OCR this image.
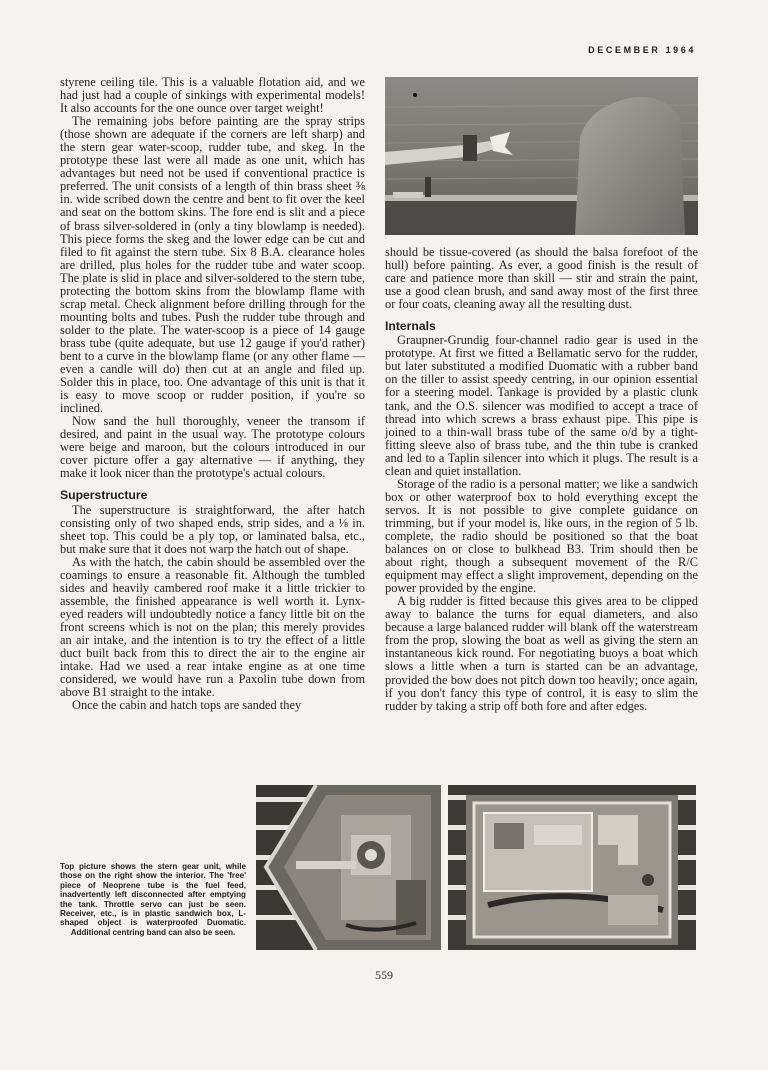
DECEMBER 1964

styrene ceiling tile. This is a valuable flotation aid, and we had just had a couple of sinkings with experimental models! It also accounts for the one ounce over target weight!

The remaining jobs before painting are the spray strips (those shown are adequate if the corners are left sharp) and the stern gear water-scoop, rudder tube, and skeg. In the prototype these last were all made as one unit, which has advantages but need not be used if conventional practice is preferred. The unit consists of a length of thin brass sheet ⅜ in. wide scribed down the centre and bent to fit over the keel and seat on the bottom skins. The fore end is slit and a piece of brass silver-soldered in (only a tiny blowlamp is needed). This piece forms the skeg and the lower edge can be cut and filed to fit against the stern tube. Six 8 B.A. clearance holes are drilled, plus holes for the rudder tube and water scoop. The plate is slid in place and silver-soldered to the stern tube, protecting the bottom skins from the blowlamp flame with scrap metal. Check alignment before drilling through for the mounting bolts and tubes. Push the rudder tube through and solder to the plate. The water-scoop is a piece of 14 gauge brass tube (quite adequate, but use 12 gauge if you'd rather) bent to a curve in the blowlamp flame (or any other flame — even a candle will do) then cut at an angle and filed up. Solder this in place, too. One advantage of this unit is that it is easy to move scoop or rudder position, if you're so inclined.

Now sand the hull thoroughly, veneer the transom if desired, and paint in the usual way. The prototype colours were beige and maroon, but the colours introduced in our cover picture offer a gay alternative — if anything, they make it look nicer than the prototype's actual colours.

Superstructure

The superstructure is straightforward, the after hatch consisting only of two shaped ends, strip sides, and a ⅛ in. sheet top. This could be a ply top, or laminated balsa, etc., but make sure that it does not warp the hatch out of shape.

As with the hatch, the cabin should be assembled over the coamings to ensure a reasonable fit. Although the tumbled sides and heavily cambered roof make it a little trickier to assemble, the finished appearance is well worth it. Lynx-eyed readers will undoubtedly notice a fancy little bit on the front screens which is not on the plan; this merely provides an air intake, and the intention is to try the effect of a little duct built back from this to direct the air to the engine air intake. Had we used a rear intake engine as at one time considered, we would have run a Paxolin tube down from above B1 straight to the intake.

Once the cabin and hatch tops are sanded they

should be tissue-covered (as should the balsa forefoot of the hull) before painting. As ever, a good finish is the result of care and patience more than skill — stir and strain the paint, use a good clean brush, and sand away most of the first three or four coats, cleaning away all the resulting dust.

Internals

Graupner-Grundig four-channel radio gear is used in the prototype. At first we fitted a Bellamatic servo for the rudder, but later substituted a modified Duomatic with a rubber band on the tiller to assist speedy centring, in our opinion essential for a steering model. Tankage is provided by a plastic clunk tank, and the O.S. silencer was modified to accept a trace of thread into which screws a brass exhaust pipe. This pipe is joined to a thin-wall brass tube of the same o/d by a tight-fitting sleeve also of brass tube, and the thin tube is cranked and led to a Taplin silencer into which it plugs. The result is a clean and quiet installation.

Storage of the radio is a personal matter; we like a sandwich box or other waterproof box to hold everything except the servos. It is not possible to give complete guidance on trimming, but if your model is, like ours, in the region of 5 lb. complete, the radio should be positioned so that the boat balances on or close to bulkhead B3. Trim should then be about right, though a subsequent movement of the R/C equipment may effect a slight improvement, depending on the power provided by the engine.

A big rudder is fitted because this gives area to be clipped away to balance the turns for equal diameters, and also because a large balanced rudder will blank off the waterstream from the prop, slowing the boat as well as giving the stern an instantaneous kick round. For negotiating buoys a boat which slows a little when a turn is started can be an advantage, provided the bow does not pitch down too heavily; once again, if you don't fancy this type of control, it is easy to slim the rudder by taking a strip off both fore and after edges.

Top picture shows the stern gear unit, while those on the right show the interior. The 'free' piece of Neoprene tube is the fuel feed, inadvertently left disconnected after emptying the tank. Throttle servo can just be seen. Receiver, etc., is in plastic sandwich box, L-shaped object is waterproofed Duomatic. Additional centring band can also be seen.
559
